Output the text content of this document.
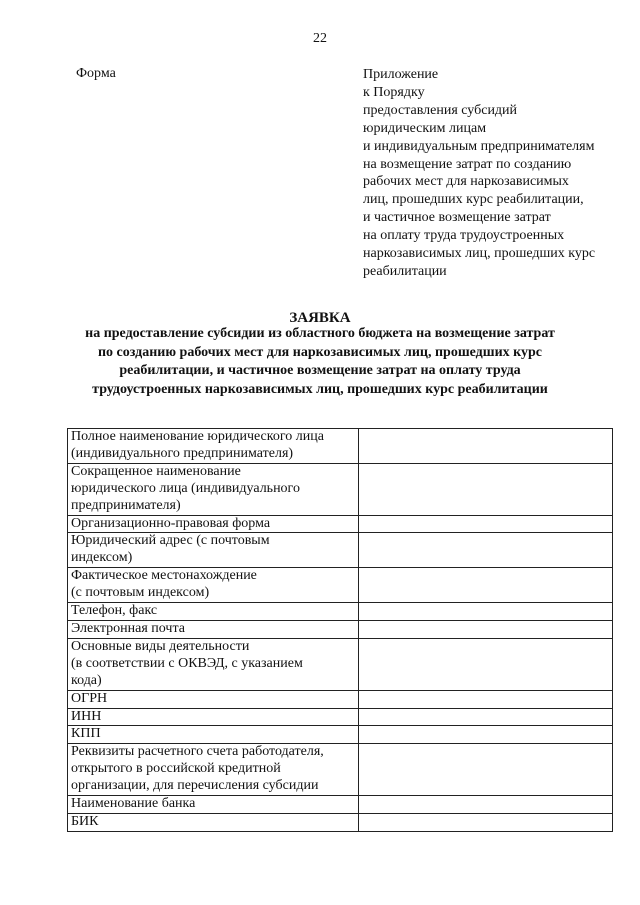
22
Форма	Приложение
к Порядку
предоставления субсидий
юридическим лицам
и индивидуальным предпринимателям
на возмещение затрат по созданию
рабочих мест для наркозависимых
лиц, прошедших курс реабилитации,
и частичное возмещение затрат
на оплату труда трудоустроенных
наркозависимых лиц, прошедших курс
реабилитации
ЗАЯВКА
на предоставление субсидии из областного бюджета на возмещение затрат
по созданию рабочих мест для наркозависимых лиц, прошедших курс
реабилитации, и частичное возмещение затрат на оплату труда
трудоустроенных наркозависимых лиц, прошедших курс реабилитации
Полное наименование юридического лица
(индивидуального предпринимателя)	

Сокращенное наименование
юридического лица (индивидуального
предпринимателя)	

Организационно-правовая форма	

Юридический адрес (с почтовым
индексом)	

Фактическое местонахождение
(с почтовым индексом)	

Телефон, факс	

Электронная почта	

Основные виды деятельности
(в соответствии с ОКВЭД, с указанием
кода)	

ОГРН	

ИНН	

КПП	

Реквизиты расчетного счета работодателя,
открытого в российской кредитной
организации, для перечисления субсидии	

Наименование банка	

БИК	
